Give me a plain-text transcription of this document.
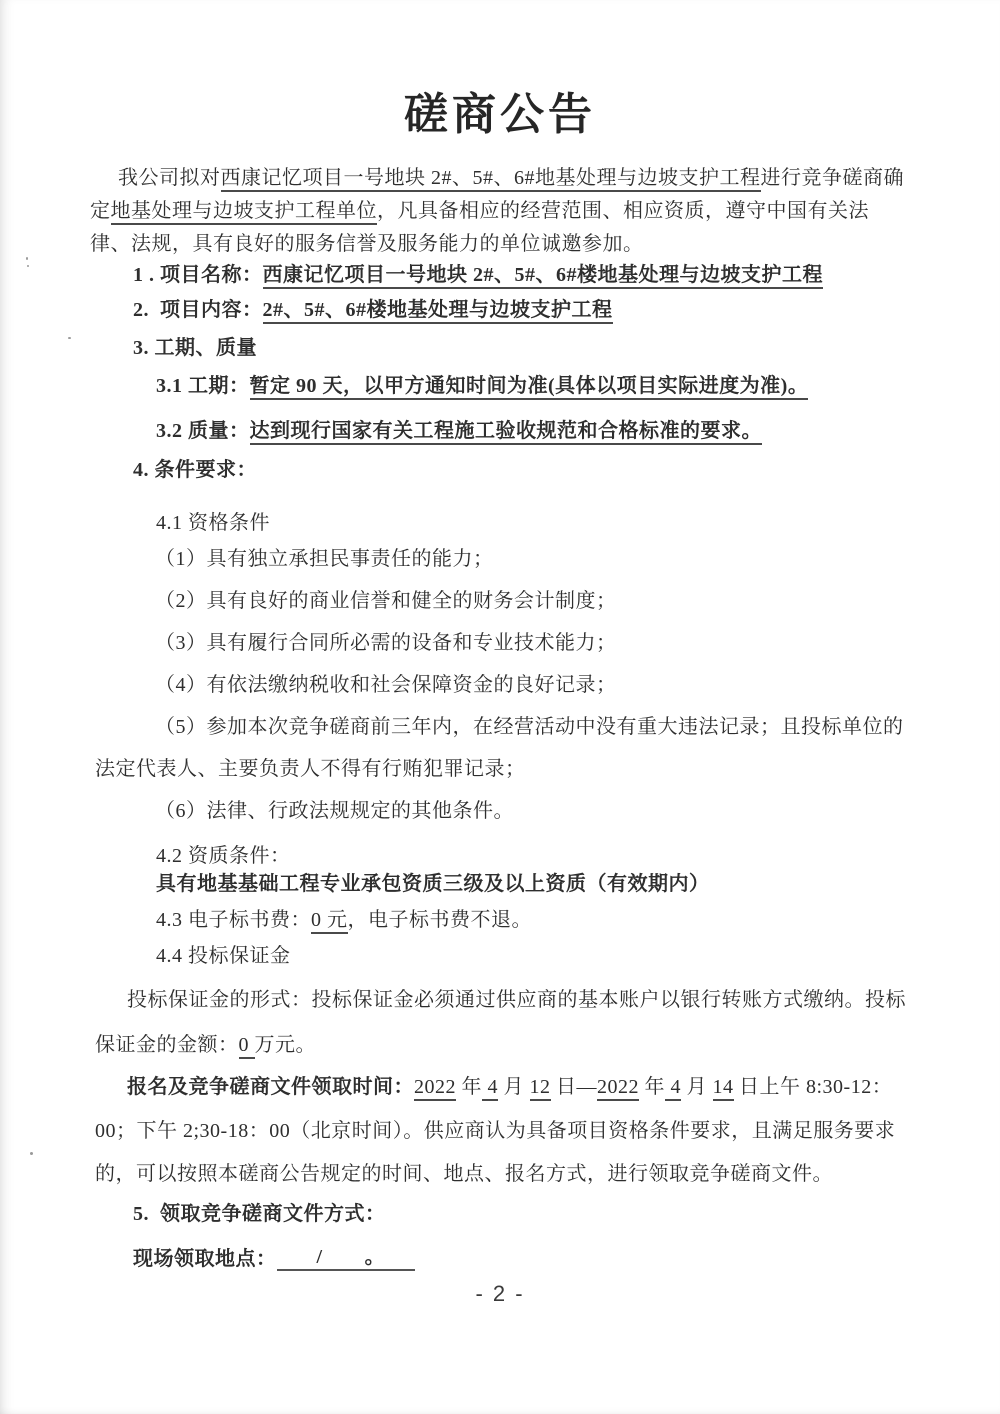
磋商公告
我公司拟对西康记忆项目一号地块 2#、5#、6#地基处理与边坡支护工程进行竞争磋商确定地基处理与边坡支护工程单位，凡具备相应的经营范围、相应资质，遵守中国有关法律、法规，具有良好的服务信誉及服务能力的单位诚邀参加。
1 . 项目名称：西康记忆项目一号地块 2#、5#、6#楼地基处理与边坡支护工程
2.  项目内容：2#、5#、6#楼地基处理与边坡支护工程
3. 工期、质量
3.1 工期：暂定 90 天，以甲方通知时间为准(具体以项目实际进度为准)。
3.2 质量：达到现行国家有关工程施工验收规范和合格标准的要求。
4. 条件要求：
4.1 资格条件
（1）具有独立承担民事责任的能力；
（2）具有良好的商业信誉和健全的财务会计制度；
（3）具有履行合同所必需的设备和专业技术能力；
（4）有依法缴纳税收和社会保障资金的良好记录；
（5）参加本次竞争磋商前三年内，在经营活动中没有重大违法记录；且投标单位的法定代表人、主要负责人不得有行贿犯罪记录；
（6）法律、行政法规规定的其他条件。
4.2 资质条件：
具有地基基础工程专业承包资质三级及以上资质（有效期内）
4.3 电子标书费：0 元，电子标书费不退。
4.4 投标保证金
投标保证金的形式：投标保证金必须通过供应商的基本账户以银行转账方式缴纳。投标保证金的金额：0 万元。
报名及竞争磋商文件领取时间：2022 年 4 月 12 日—2022 年 4 月 14 日上午 8:30-12：00；下午 2;30-18：00（北京时间）。供应商认为具备项目资格条件要求，且满足服务要求的，可以按照本磋商公告规定的时间、地点、报名方式，进行领取竞争磋商文件。
5.  领取竞争磋商文件方式：
现场领取地点： / 。
- 2 -
